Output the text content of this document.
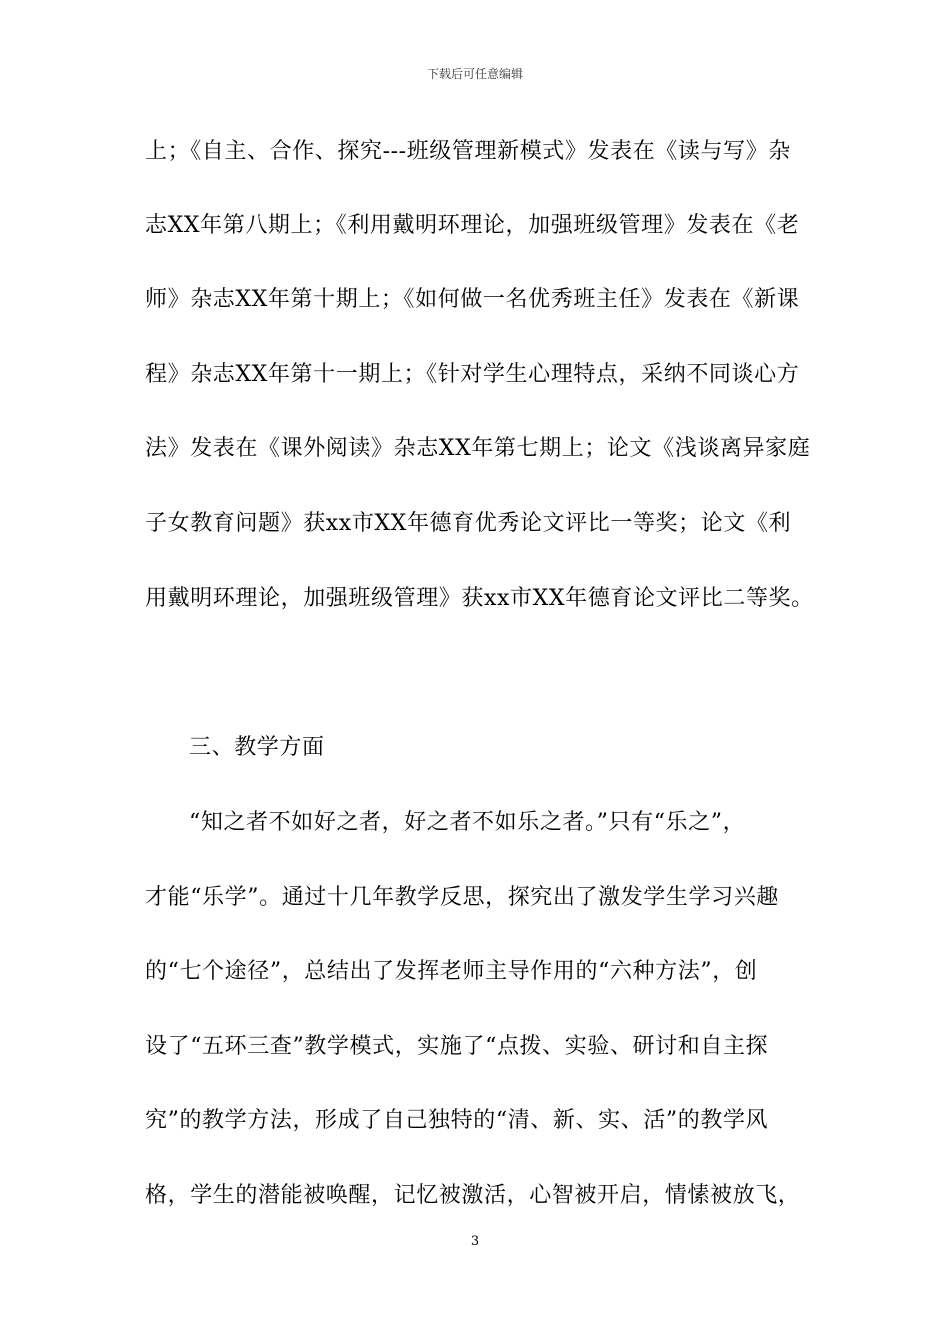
下载后可任意编辑
上；《自主、合作、探究---班级管理新模式》发表在《读与写》杂
志XX年第八期上；《利用戴明环理论，加强班级管理》发表在《老
师》杂志XX年第十期上；《如何做一名优秀班主任》发表在《新课
程》杂志XX年第十一期上；《针对学生心理特点，采纳不同谈心方
法》发表在《课外阅读》杂志XX年第七期上；论文《浅谈离异家庭
子女教育问题》获xx市XX年德育优秀论文评比一等奖；论文《利
用戴明环理论，加强班级管理》获xx市XX年德育论文评比二等奖。
三、教学方面
“知之者不如好之者，好之者不如乐之者。”只有“乐之”，
才能“乐学”。通过十几年教学反思，探究出了激发学生学习兴趣
的“七个途径”，总结出了发挥老师主导作用的“六种方法”，创
设了“五环三查”教学模式，实施了“点拨、实验、研讨和自主探
究”的教学方法，形成了自己独特的“清、新、实、活”的教学风
格，学生的潜能被唤醒，记忆被激活，心智被开启，情愫被放飞，
3
